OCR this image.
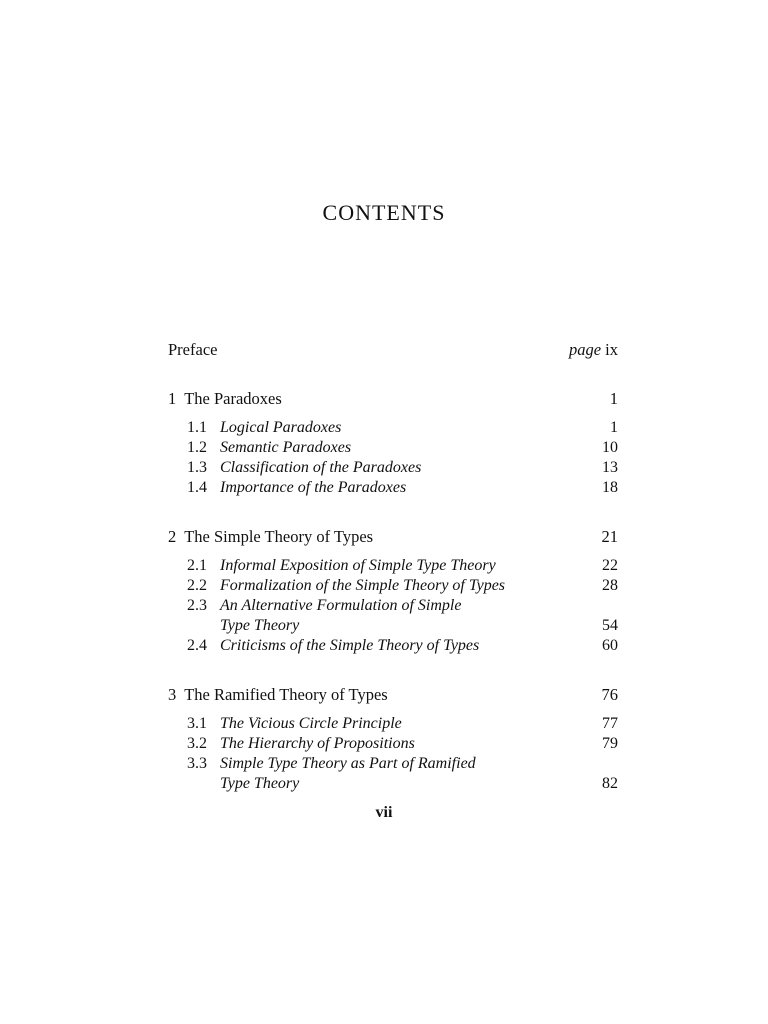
CONTENTS
Preface	page ix
1 The Paradoxes	1
1.1 Logical Paradoxes	1
1.2 Semantic Paradoxes	10
1.3 Classification of the Paradoxes	13
1.4 Importance of the Paradoxes	18
2 The Simple Theory of Types	21
2.1 Informal Exposition of Simple Type Theory	22
2.2 Formalization of the Simple Theory of Types	28
2.3 An Alternative Formulation of Simple
Type Theory	54
2.4 Criticisms of the Simple Theory of Types	60
3 The Ramified Theory of Types	76
3.1 The Vicious Circle Principle	77
3.2 The Hierarchy of Propositions	79
3.3 Simple Type Theory as Part of Ramified
Type Theory	82
vii
